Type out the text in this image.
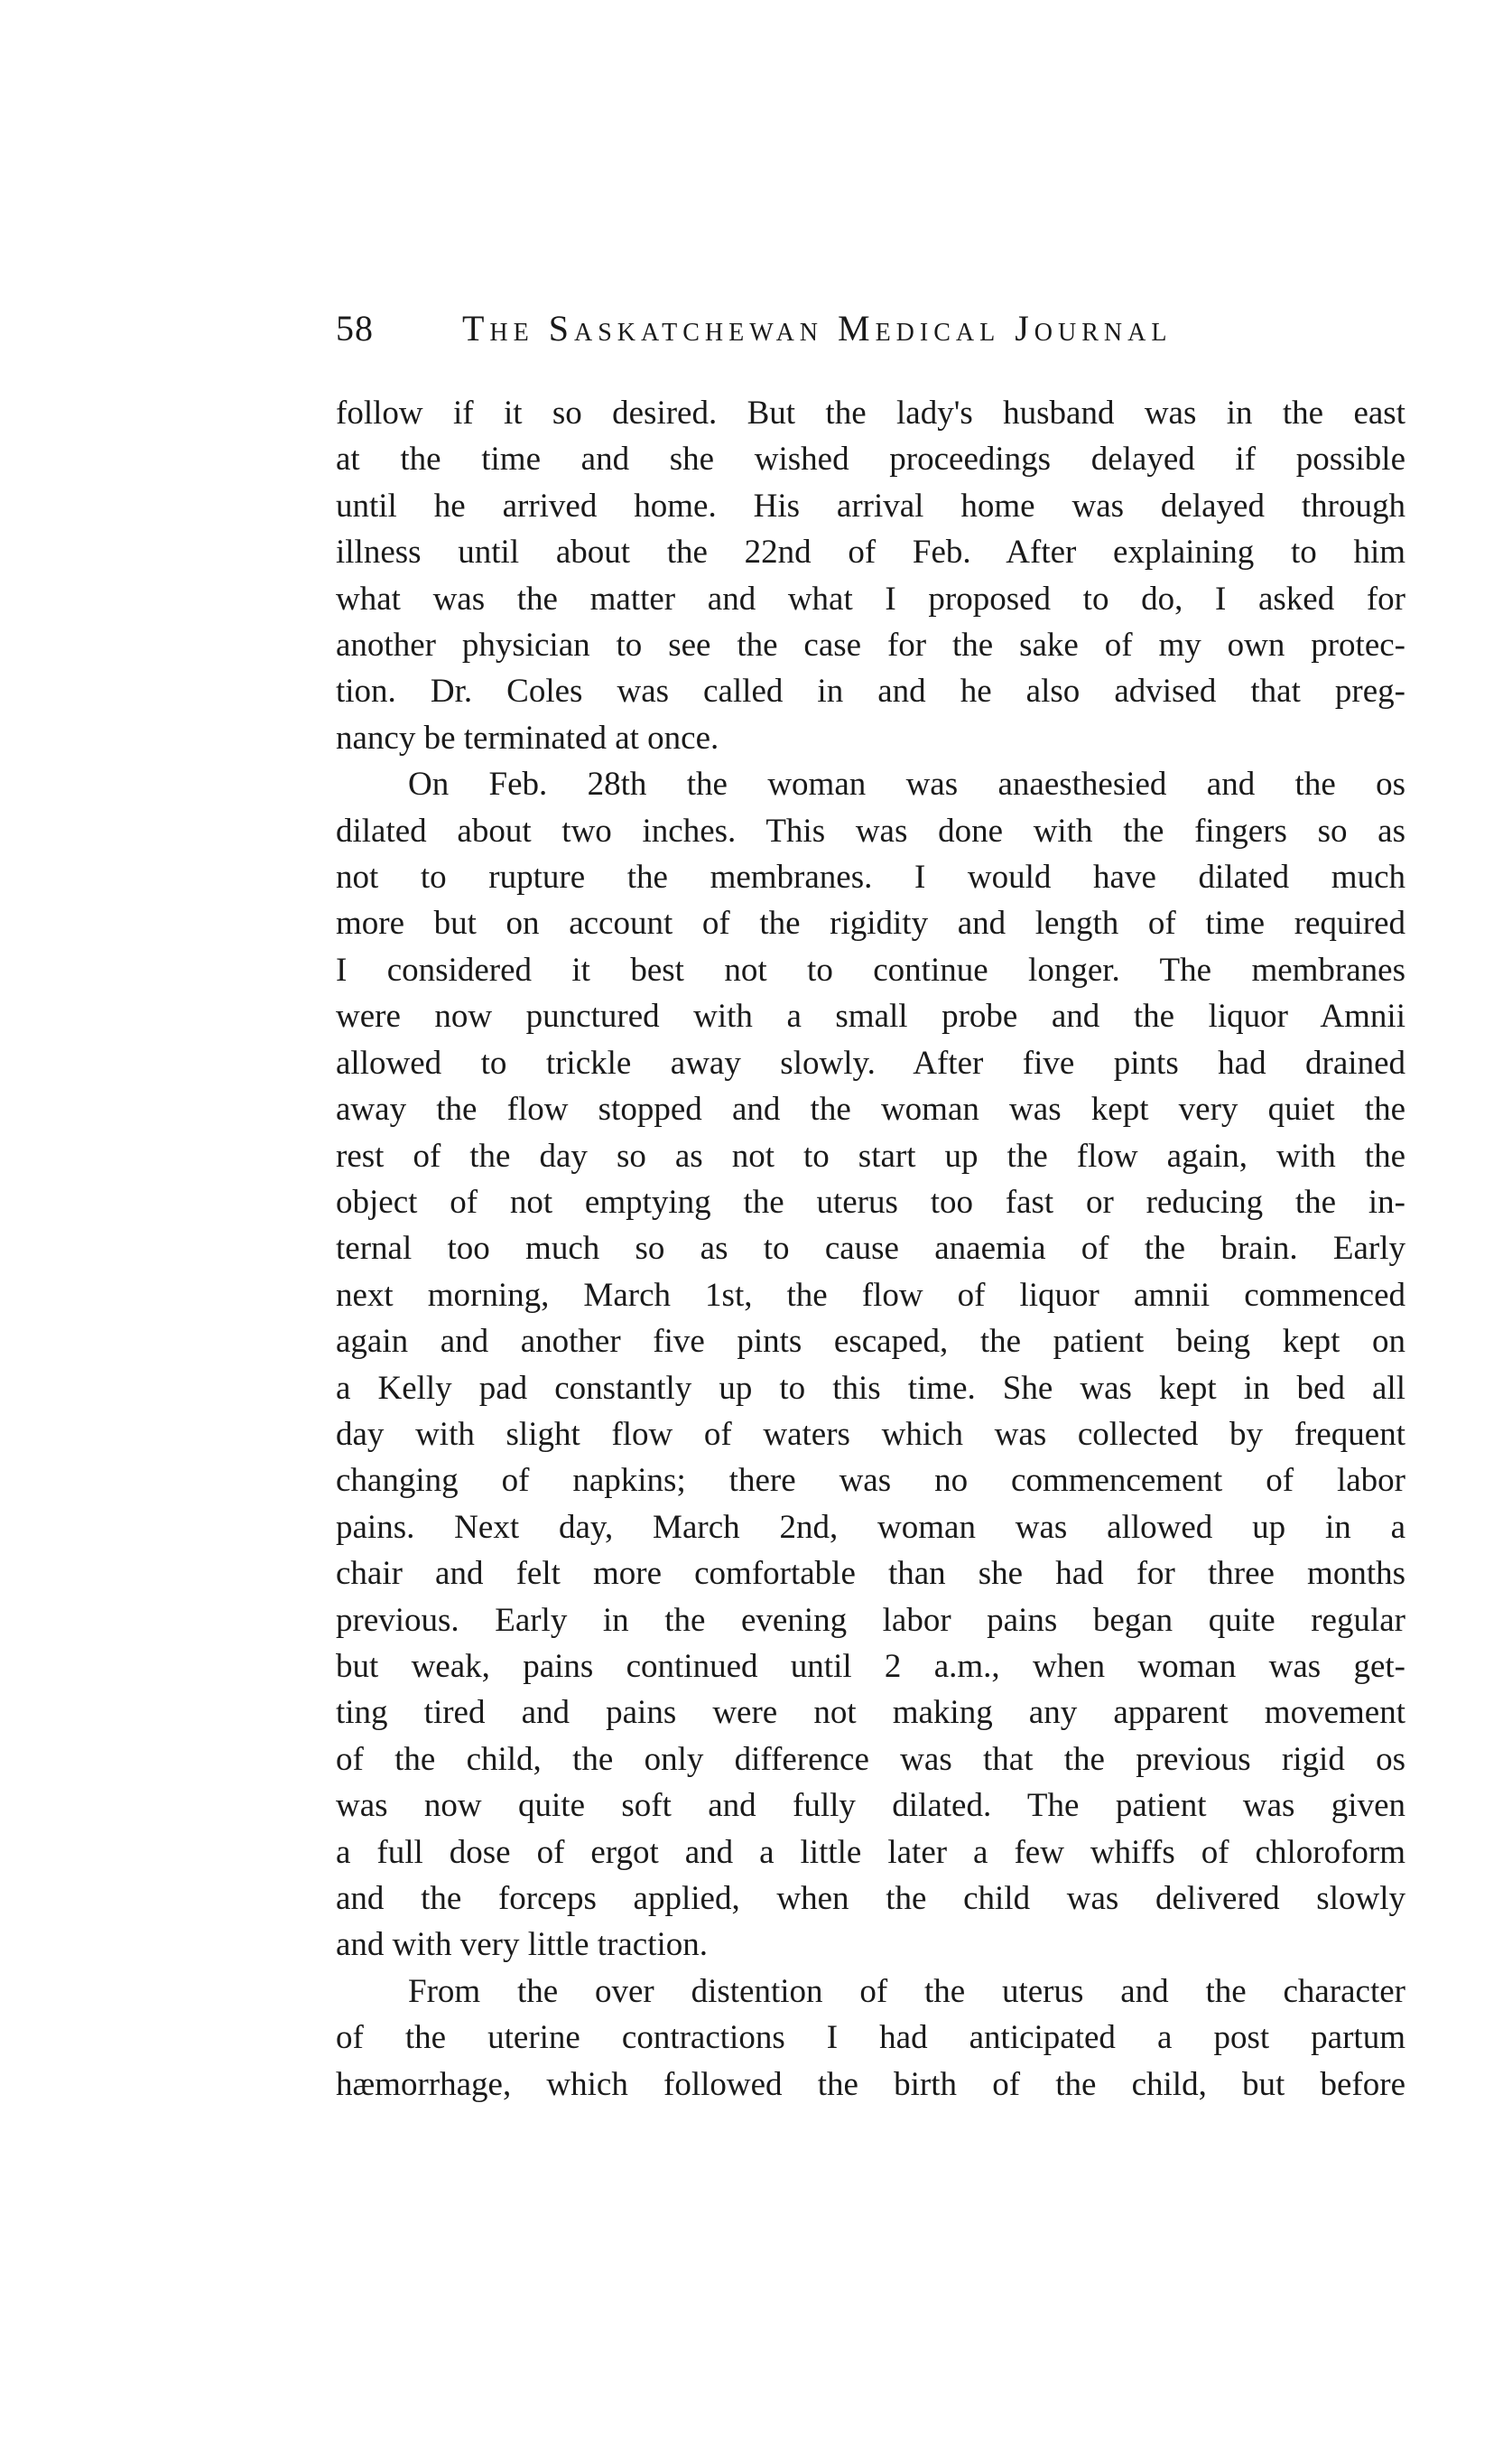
58 The Saskatchewan Medical Journal
follow if it so desired. But the lady's husband was in the east
at the time and she wished proceedings delayed if possible
until he arrived home. His arrival home was delayed through
illness until about the 22nd of Feb. After explaining to him
what was the matter and what I proposed to do, I asked for
another physician to see the case for the sake of my own protec-
tion. Dr. Coles was called in and he also advised that preg-
nancy be terminated at once.
On Feb. 28th the woman was anaesthesied and the os
dilated about two inches. This was done with the fingers so as
not to rupture the membranes. I would have dilated much
more but on account of the rigidity and length of time required
I considered it best not to continue longer. The membranes
were now punctured with a small probe and the liquor Amnii
allowed to trickle away slowly. After five pints had drained
away the flow stopped and the woman was kept very quiet the
rest of the day so as not to start up the flow again, with the
object of not emptying the uterus too fast or reducing the in-
ternal too much so as to cause anaemia of the brain. Early
next morning, March 1st, the flow of liquor amnii commenced
again and another five pints escaped, the patient being kept on
a Kelly pad constantly up to this time. She was kept in bed all
day with slight flow of waters which was collected by frequent
changing of napkins; there was no commencement of labor
pains. Next day, March 2nd, woman was allowed up in a
chair and felt more comfortable than she had for three months
previous. Early in the evening labor pains began quite regular
but weak, pains continued until 2 a.m., when woman was get-
ting tired and pains were not making any apparent movement
of the child, the only difference was that the previous rigid os
was now quite soft and fully dilated. The patient was given
a full dose of ergot and a little later a few whiffs of chloroform
and the forceps applied, when the child was delivered slowly
and with very little traction.
From the over distention of the uterus and the character
of the uterine contractions I had anticipated a post partum
hæmorrhage, which followed the birth of the child, but before
